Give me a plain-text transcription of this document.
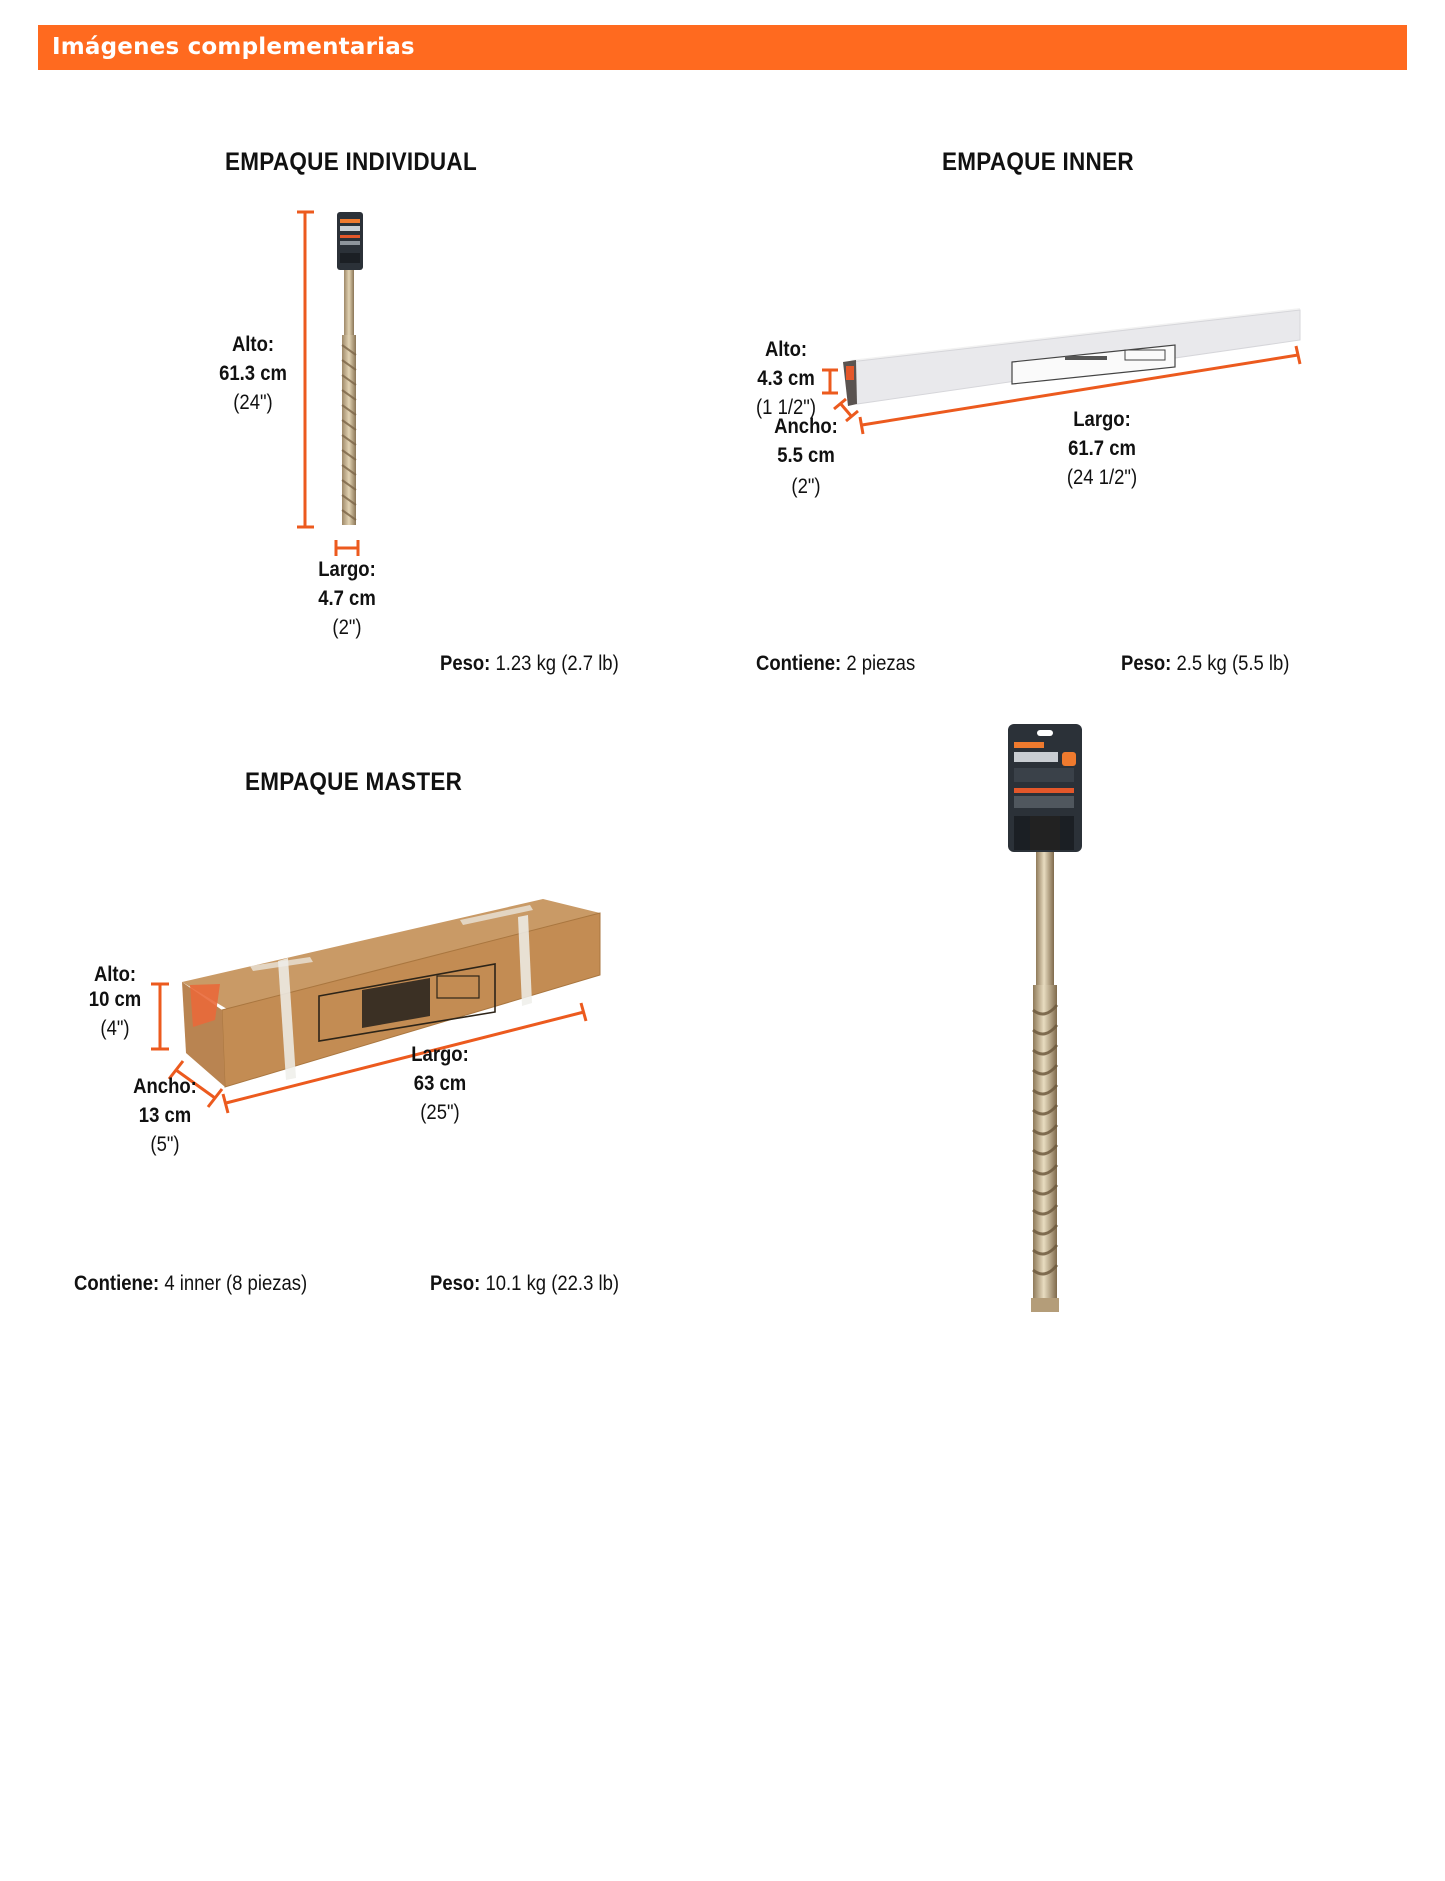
Imágenes complementarias
EMPAQUE INDIVIDUAL
Alto:
61.3 cm
(24")
Largo:
4.7 cm
(2")
Peso: 1.23 kg (2.7 lb)
EMPAQUE INNER
Alto:
4.3 cm
(1 1/2")
Ancho:
5.5 cm
(2")
Largo:
61.7 cm
(24 1/2")
Contiene: 2 piezas	Peso: 2.5 kg (5.5 lb)
EMPAQUE MASTER
Alto:
10 cm
(4")
Ancho:
13 cm
(5")
Largo:
63 cm
(25")
Contiene: 4 inner (8 piezas)	Peso: 10.1 kg (22.3 lb)
